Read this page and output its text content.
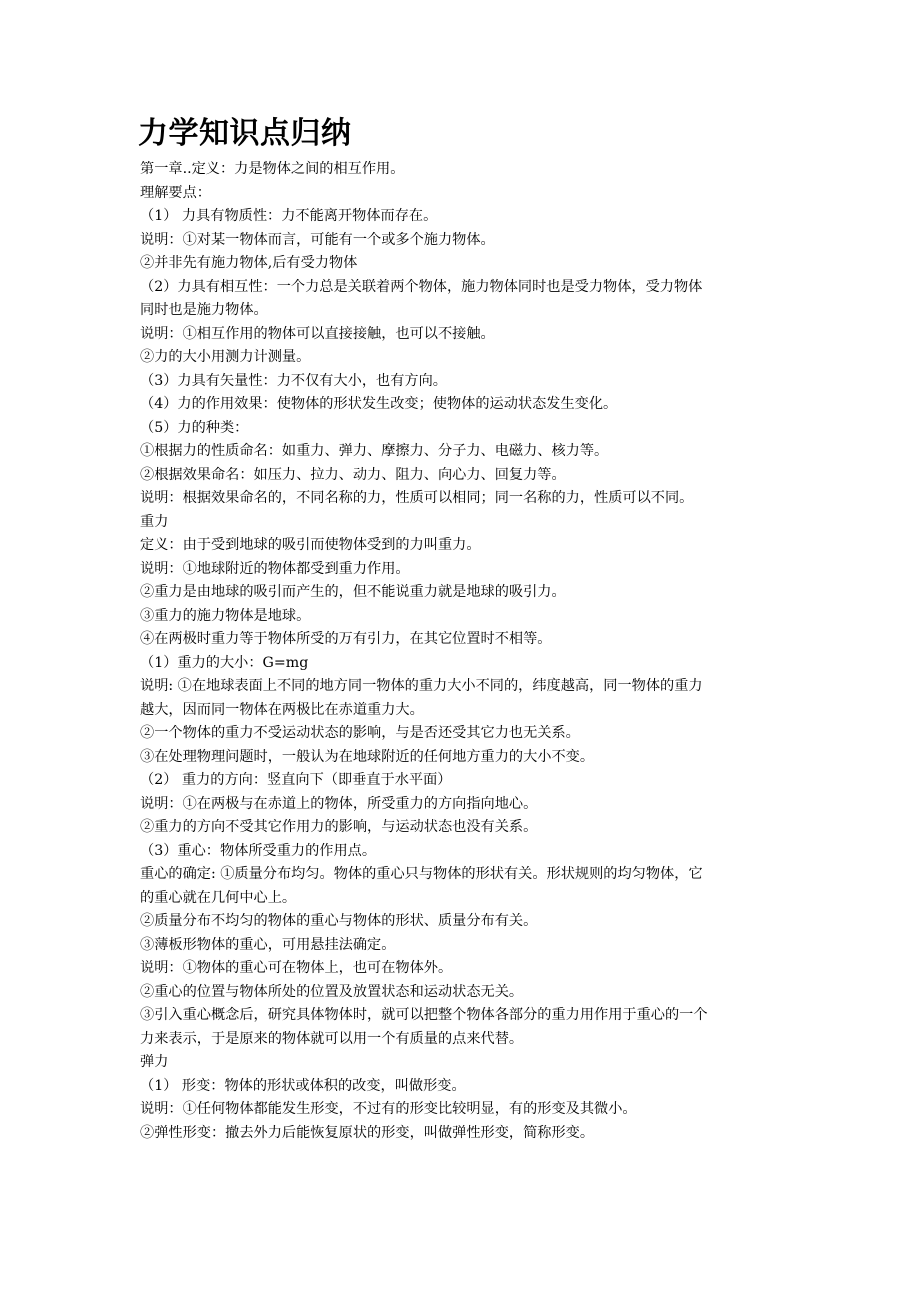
力学知识点归纳

第一章..定义：力是物体之间的相互作用。

理解要点：

（1） 力具有物质性：力不能离开物体而存在。

说明：①对某一物体而言，可能有一个或多个施力物体。

②并非先有施力物体,后有受力物体

（2）力具有相互性：一个力总是关联着两个物体，施力物体同时也是受力物体，受力物体

同时也是施力物体。

说明：①相互作用的物体可以直接接触，也可以不接触。

②力的大小用测力计测量。

（3）力具有矢量性：力不仅有大小，也有方向。

（4）力的作用效果：使物体的形状发生改变；使物体的运动状态发生变化。

（5）力的种类：

①根据力的性质命名：如重力、弹力、摩擦力、分子力、电磁力、核力等。

②根据效果命名：如压力、拉力、动力、阻力、向心力、回复力等。

说明：根据效果命名的，不同名称的力，性质可以相同；同一名称的力，性质可以不同。

重力

定义：由于受到地球的吸引而使物体受到的力叫重力。

说明：①地球附近的物体都受到重力作用。

②重力是由地球的吸引而产生的，但不能说重力就是地球的吸引力。

③重力的施力物体是地球。

④在两极时重力等于物体所受的万有引力，在其它位置时不相等。

（1）重力的大小：G=mg

说明: ①在地球表面上不同的地方同一物体的重力大小不同的，纬度越高，同一物体的重力

越大，因而同一物体在两极比在赤道重力大。

②一个物体的重力不受运动状态的影响，与是否还受其它力也无关系。

③在处理物理问题时，一般认为在地球附近的任何地方重力的大小不变。

（2） 重力的方向：竖直向下（即垂直于水平面）

说明：①在两极与在赤道上的物体，所受重力的方向指向地心。

②重力的方向不受其它作用力的影响，与运动状态也没有关系。

（3）重心：物体所受重力的作用点。

重心的确定: ①质量分布均匀。物体的重心只与物体的形状有关。形状规则的均匀物体，它

的重心就在几何中心上。

②质量分布不均匀的物体的重心与物体的形状、质量分布有关。

③薄板形物体的重心，可用悬挂法确定。

说明：①物体的重心可在物体上，也可在物体外。

②重心的位置与物体所处的位置及放置状态和运动状态无关。

③引入重心概念后，研究具体物体时，就可以把整个物体各部分的重力用作用于重心的一个

力来表示，于是原来的物体就可以用一个有质量的点来代替。

弹力

（1） 形变：物体的形状或体积的改变，叫做形变。

说明：①任何物体都能发生形变，不过有的形变比较明显，有的形变及其微小。

②弹性形变：撤去外力后能恢复原状的形变，叫做弹性形变，简称形变。
